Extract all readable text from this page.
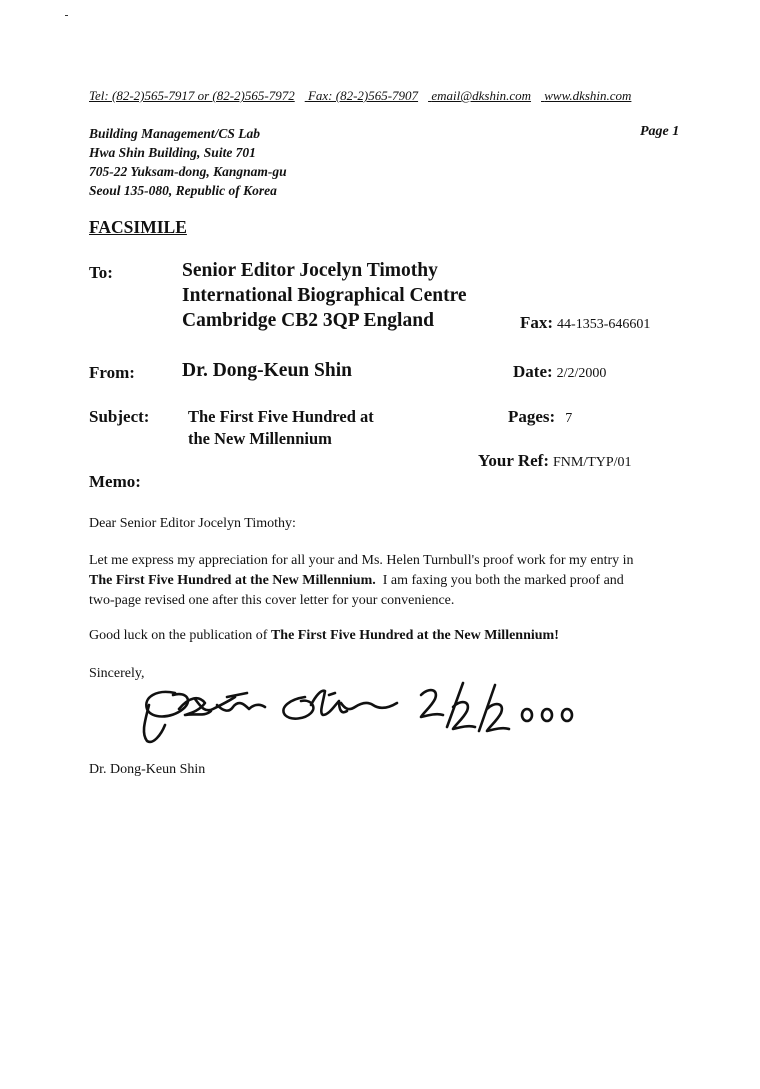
Tel: (82-2)565-7917 or (82-2)565-7972 Fax: (82-2)565-7907 email@dkshin.com www.dkshin.com
Building Management/CS Lab
Hwa Shin Building, Suite 701
705-22 Yuksam-dong, Kangnam-gu
Seoul 135-080, Republic of Korea
Page 1
FACSIMILE
To:	Senior Editor Jocelyn Timothy
International Biographical Centre
Cambridge CB2 3QP England	Fax: 44-1353-646601
From: Dr. Dong-Keun Shin	Date: 2/2/2000
Subject: The First Five Hundred at
the New Millennium
Pages: 7
Your Ref: FNM/TYP/01
Memo:
Dear Senior Editor Jocelyn Timothy:
Let me express my appreciation for all your and Ms. Helen Turnbull's proof work for my entry in
The First Five Hundred at the New Millennium.  I am faxing you both the marked proof and
two-page revised one after this cover letter for your convenience.
Good luck on the publication of The First Five Hundred at the New Millennium!
Sincerely,
Dr. Dong-Keun Shin
